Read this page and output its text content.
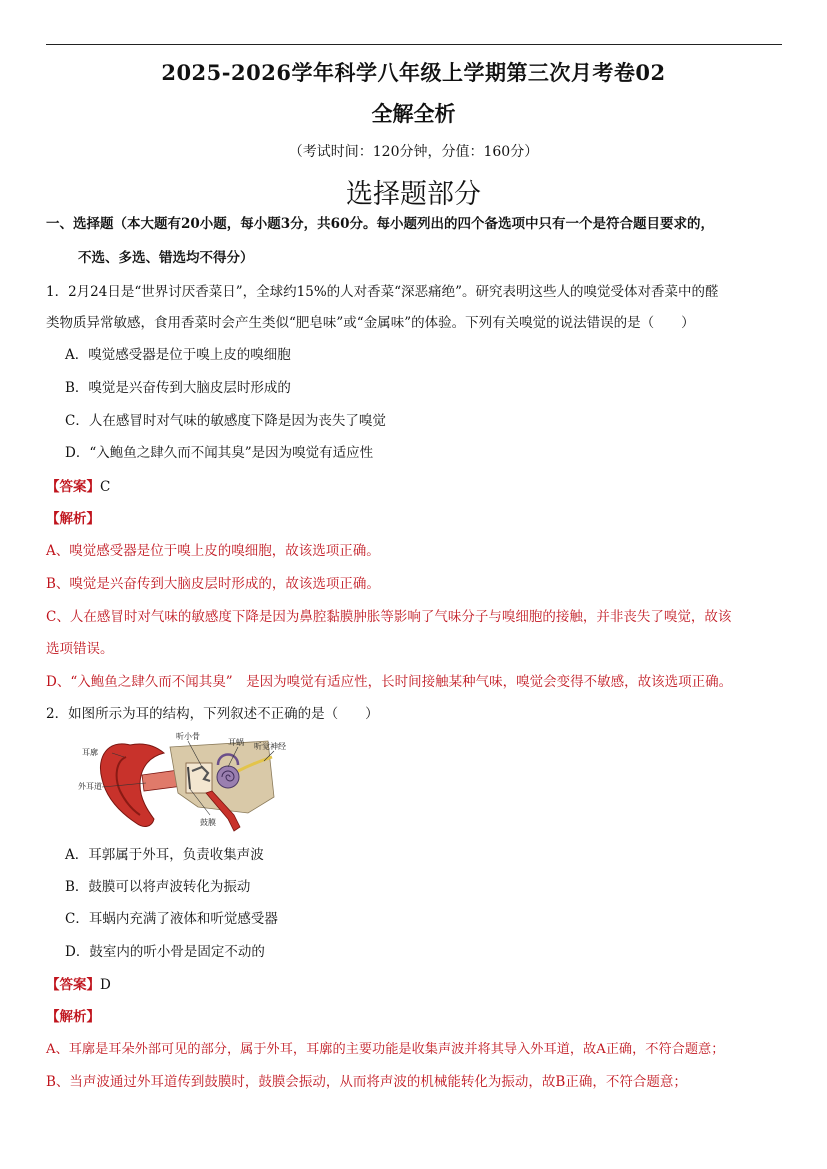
2025-2026学年科学八年级上学期第三次月考卷02
全解全析
（考试时间：120分钟，分值：160分）
选择题部分
一、选择题（本大题有20小题，每小题3分，共60分。每小题列出的四个备选项中只有一个是符合题目要求的，
不选、多选、错选均不得分）
1．2月24日是“世界讨厌香菜日”，全球约15%的人对香菜“深恶痛绝”。研究表明这些人的嗅觉受体对香菜中的醛
类物质异常敏感，食用香菜时会产生类似“肥皂味”或“金属味”的体验。下列有关嗅觉的说法错误的是（　　）
A．嗅觉感受器是位于嗅上皮的嗅细胞
B．嗅觉是兴奋传到大脑皮层时形成的
C．人在感冒时对气味的敏感度下降是因为丧失了嗅觉
D．“入鲍鱼之肆久而不闻其臭”是因为嗅觉有适应性
【答案】C
【解析】
A、嗅觉感受器是位于嗅上皮的嗅细胞，故该选项正确。
B、嗅觉是兴奋传到大脑皮层时形成的，故该选项正确。
C、人在感冒时对气味的敏感度下降是因为鼻腔黏膜肿胀等影响了气味分子与嗅细胞的接触，并非丧失了嗅觉，故该
选项错误。
D、“入鲍鱼之肆久而不闻其臭”　是因为嗅觉有适应性，长时间接触某种气味，嗅觉会变得不敏感，故该选项正确。
2．如图所示为耳的结构，下列叙述不正确的是（　　）
耳廓
外耳道
听小骨
耳蜗 听觉神经
鼓膜
A．耳郭属于外耳，负责收集声波
B．鼓膜可以将声波转化为振动
C．耳蜗内充满了液体和听觉感受器
D．鼓室内的听小骨是固定不动的
【答案】D
【解析】
A、耳廓是耳朵外部可见的部分，属于外耳，耳廓的主要功能是收集声波并将其导入外耳道，故A正确，不符合题意；
B、当声波通过外耳道传到鼓膜时，鼓膜会振动，从而将声波的机械能转化为振动，故B正确，不符合题意；
